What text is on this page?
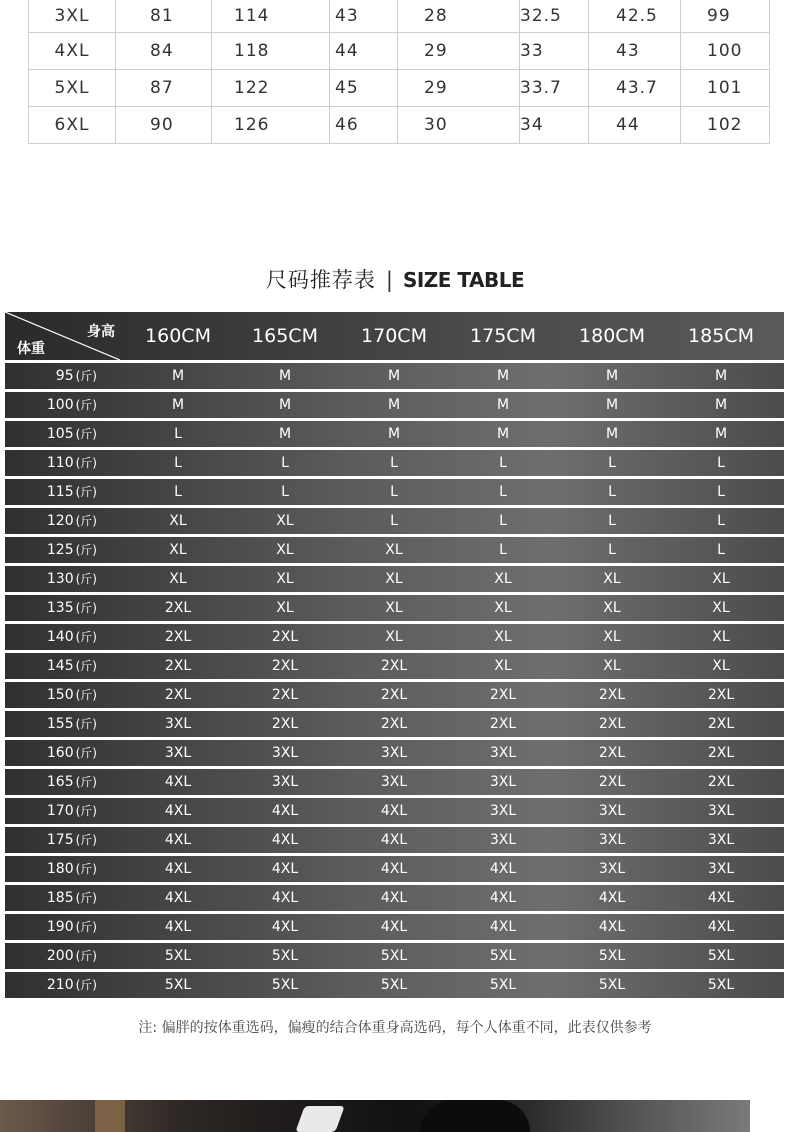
3XL	81	114	43	28	32.5	42.5	99
4XL	84	118	44	29	33	43	100
5XL	87	122	45	29	33.7	43.7	101
6XL	90	126	46	30	34	44	102
尺码推荐表 | SIZE TABLE
身高
体重
160CM	165CM	170CM	175CM	180CM	185CM
95 (斤)	M	M	M	M	M	M
100 (斤)	M	M	M	M	M	M
105 (斤)	L	M	M	M	M	M
110 (斤)	L	L	L	L	L	L
115 (斤)	L	L	L	L	L	L
120 (斤)	XL	XL	L	L	L	L
125 (斤)	XL	XL	XL	L	L	L
130 (斤)	XL	XL	XL	XL	XL	XL
135 (斤)	2XL	XL	XL	XL	XL	XL
140 (斤)	2XL	2XL	XL	XL	XL	XL
145 (斤)	2XL	2XL	2XL	XL	XL	XL
150 (斤)	2XL	2XL	2XL	2XL	2XL	2XL
155 (斤)	3XL	2XL	2XL	2XL	2XL	2XL
160 (斤)	3XL	3XL	3XL	3XL	2XL	2XL
165 (斤)	4XL	3XL	3XL	3XL	2XL	2XL
170 (斤)	4XL	4XL	4XL	3XL	3XL	3XL
175 (斤)	4XL	4XL	4XL	3XL	3XL	3XL
180 (斤)	4XL	4XL	4XL	4XL	3XL	3XL
185 (斤)	4XL	4XL	4XL	4XL	4XL	4XL
190 (斤)	4XL	4XL	4XL	4XL	4XL	4XL
200 (斤)	5XL	5XL	5XL	5XL	5XL	5XL
210 (斤)	5XL	5XL	5XL	5XL	5XL	5XL
注: 偏胖的按体重选码，偏瘦的结合体重身高选码，每个人体重不同，此表仅供参考
